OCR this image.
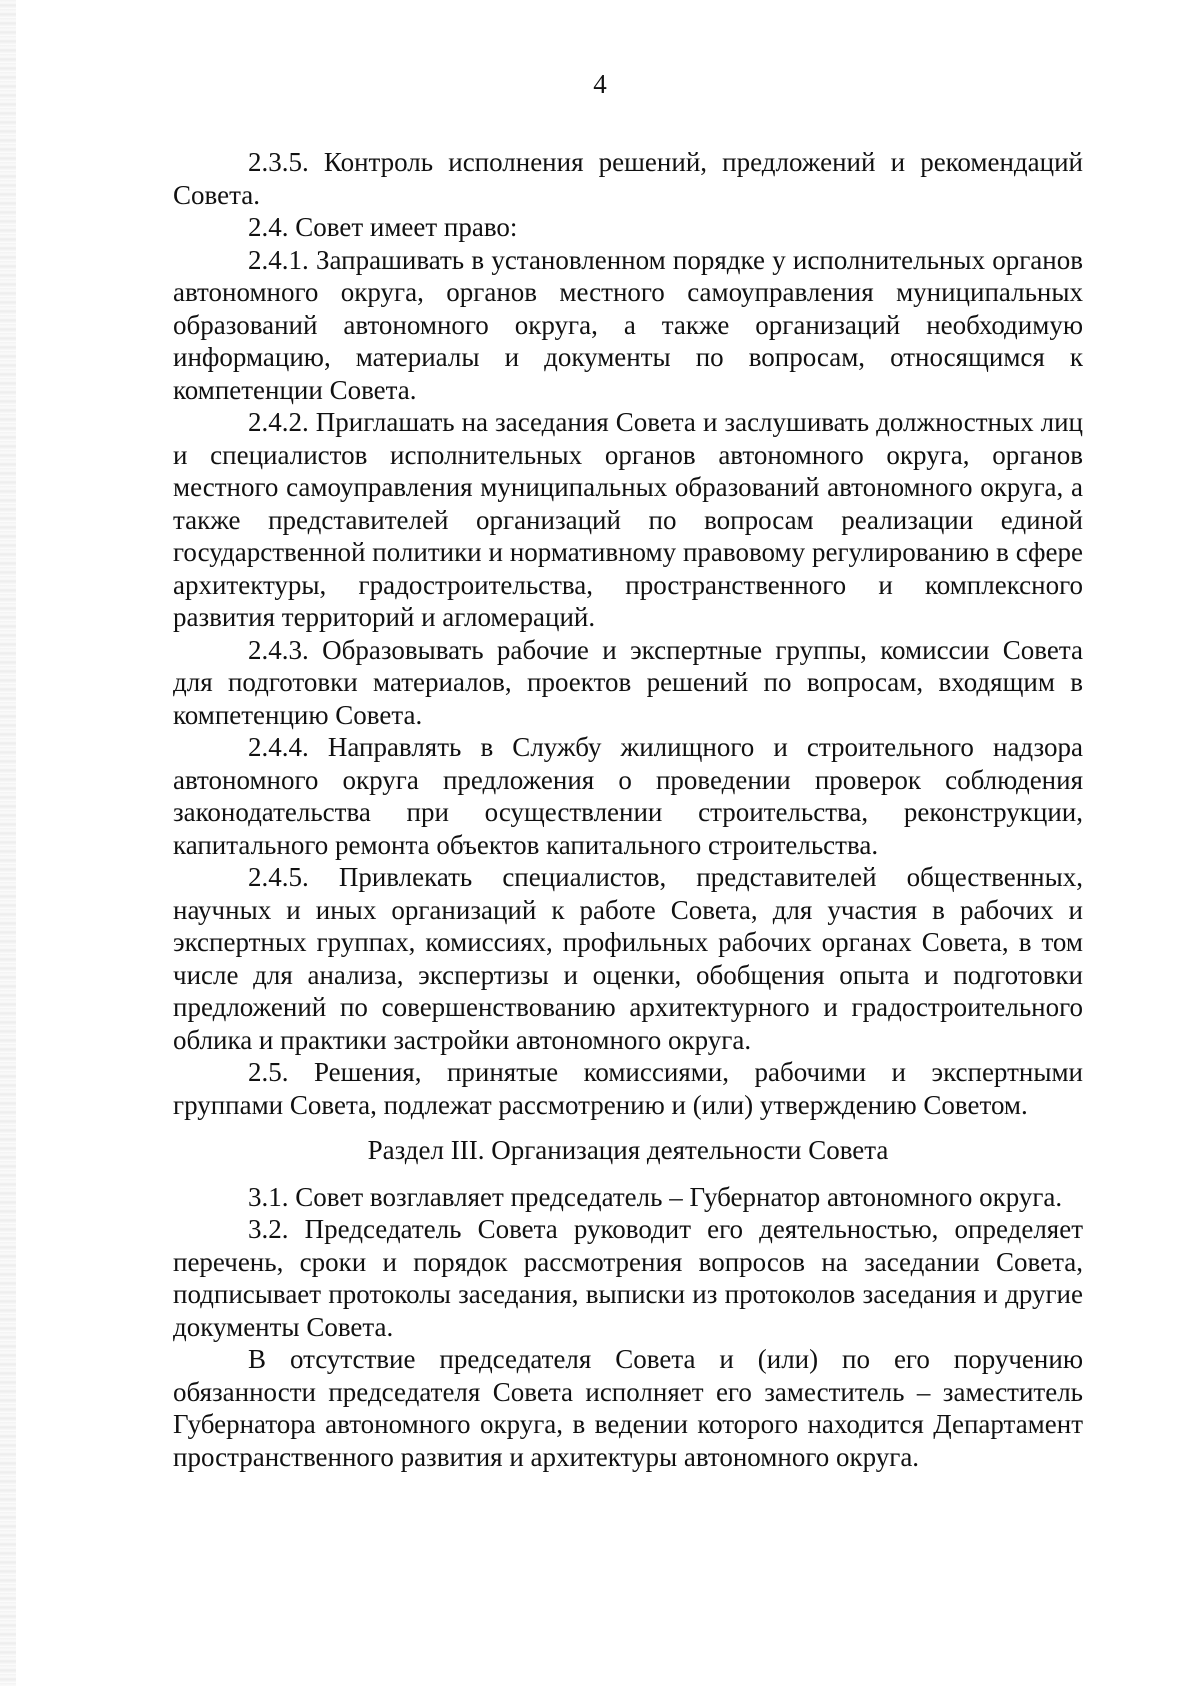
4

2.3.5. Контроль исполнения решений, предложений и рекомендаций Совета.

2.4. Совет имеет право:

2.4.1. Запрашивать в установленном порядке у исполнительных органов автономного округа, органов местного самоуправления муниципальных образований автономного округа, а также организаций необходимую информацию, материалы и документы по вопросам, относящимся к компетенции Совета.

2.4.2. Приглашать на заседания Совета и заслушивать должностных лиц и специалистов исполнительных органов автономного округа, органов местного самоуправления муниципальных образований автономного округа, а также представителей организаций по вопросам реализации единой государственной политики и нормативному правовому регулированию в сфере архитектуры, градостроительства, пространственного и комплексного развития территорий и агломераций.

2.4.3. Образовывать рабочие и экспертные группы, комиссии Совета для подготовки материалов, проектов решений по вопросам, входящим в компетенцию Совета.

2.4.4. Направлять в Службу жилищного и строительного надзора автономного округа предложения о проведении проверок соблюдения законодательства при осуществлении строительства, реконструкции, капитального ремонта объектов капитального строительства.

2.4.5. Привлекать специалистов, представителей общественных, научных и иных организаций к работе Совета, для участия в рабочих и экспертных группах, комиссиях, профильных рабочих органах Совета, в том числе для анализа, экспертизы и оценки, обобщения опыта и подготовки предложений по совершенствованию архитектурного и градостроительного облика и практики застройки автономного округа.

2.5. Решения, принятые комиссиями, рабочими и экспертными группами Совета, подлежат рассмотрению и (или) утверждению Советом.

Раздел III. Организация деятельности Совета

3.1. Совет возглавляет председатель – Губернатор автономного округа.

3.2. Председатель Совета руководит его деятельностью, определяет перечень, сроки и порядок рассмотрения вопросов на заседании Совета, подписывает протоколы заседания, выписки из протоколов заседания и другие документы Совета.

В отсутствие председателя Совета и (или) по его поручению обязанности председателя Совета исполняет его заместитель – заместитель Губернатора автономного округа, в ведении которого находится Департамент пространственного развития и архитектуры автономного округа.
